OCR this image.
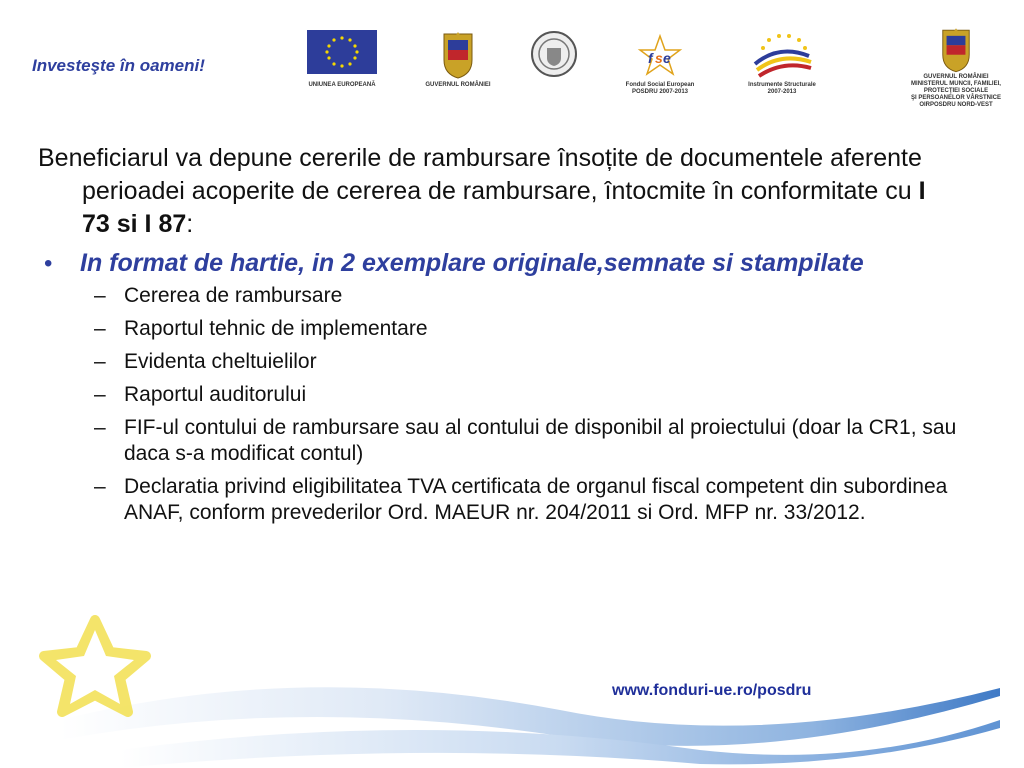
Investeşte în oameni!
UNIUNEA EUROPEANĂ	GUVERNUL ROMÂNIEI
f s e
Fondul Social European
POSDRU 2007-2013
Instrumente Structurale
2007-2013
GUVERNUL ROMÂNIEI
MINISTERUL MUNCII, FAMILIEI,
PROTECŢIEI SOCIALE
ŞI PERSOANELOR VÂRSTNICE
OIRPOSDRU NORD-VEST
Beneficiarul va depune cererile de rambursare însoțite de documentele aferente perioadei acoperite de cererea de rambursare, întocmite în conformitate cu I 73 si I 87:
• In format de hartie, in 2 exemplare originale,semnate si stampilate
– Cererea de rambursare
– Raportul tehnic de implementare
– Evidenta cheltuielilor
– Raportul auditorului
– FIF-ul contului de rambursare sau al contului de disponibil al proiectului (doar la CR1, sau daca s-a modificat contul)
– Declaratia privind eligibilitatea TVA certificata de organul fiscal competent din subordinea ANAF, conform prevederilor Ord. MAEUR nr. 204/2011 si Ord. MFP nr. 33/2012.
www.fonduri-ue.ro/posdru
